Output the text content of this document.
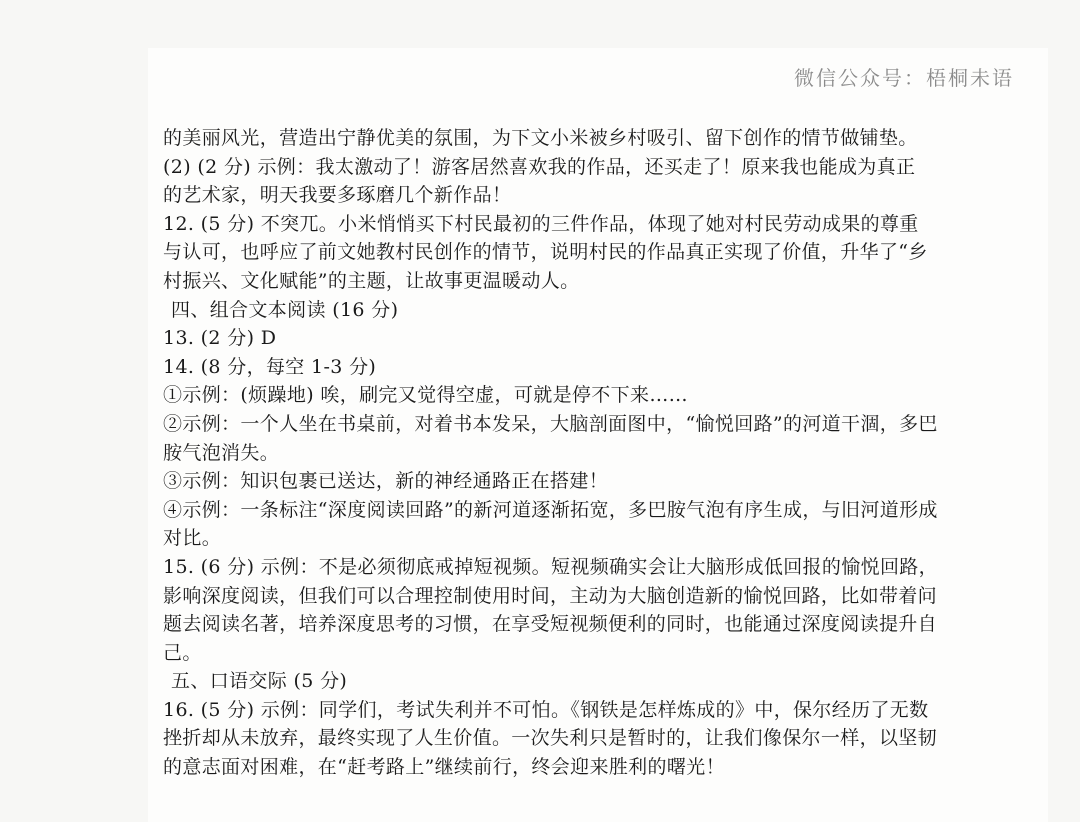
微信公众号：梧桐未语
的美丽风光，营造出宁静优美的氛围，为下文小米被乡村吸引、留下创作的情节做铺垫。
(2) (2 分) 示例：我太激动了！游客居然喜欢我的作品，还买走了！原来我也能成为真正
的艺术家，明天我要多琢磨几个新作品！
12. (5 分) 不突兀。小米悄悄买下村民最初的三件作品，体现了她对村民劳动成果的尊重
与认可，也呼应了前文她教村民创作的情节，说明村民的作品真正实现了价值，升华了“乡
村振兴、文化赋能”的主题，让故事更温暖动人。
四、组合文本阅读 (16 分)
13. (2 分) D
14. (8 分，每空 1-3 分)
①示例：(烦躁地) 唉，刷完又觉得空虚，可就是停不下来……
②示例：一个人坐在书桌前，对着书本发呆，大脑剖面图中，“愉悦回路”的河道干涸，多巴
胺气泡消失。
③示例：知识包裹已送达，新的神经通路正在搭建！
④示例：一条标注“深度阅读回路”的新河道逐渐拓宽，多巴胺气泡有序生成，与旧河道形成
对比。
15. (6 分) 示例：不是必须彻底戒掉短视频。短视频确实会让大脑形成低回报的愉悦回路，
影响深度阅读，但我们可以合理控制使用时间，主动为大脑创造新的愉悦回路，比如带着问
题去阅读名著，培养深度思考的习惯，在享受短视频便利的同时，也能通过深度阅读提升自
己。
五、口语交际 (5 分)
16. (5 分) 示例：同学们，考试失利并不可怕。《钢铁是怎样炼成的》中，保尔经历了无数
挫折却从未放弃，最终实现了人生价值。一次失利只是暂时的，让我们像保尔一样，以坚韧
的意志面对困难，在“赶考路上”继续前行，终会迎来胜利的曙光！
